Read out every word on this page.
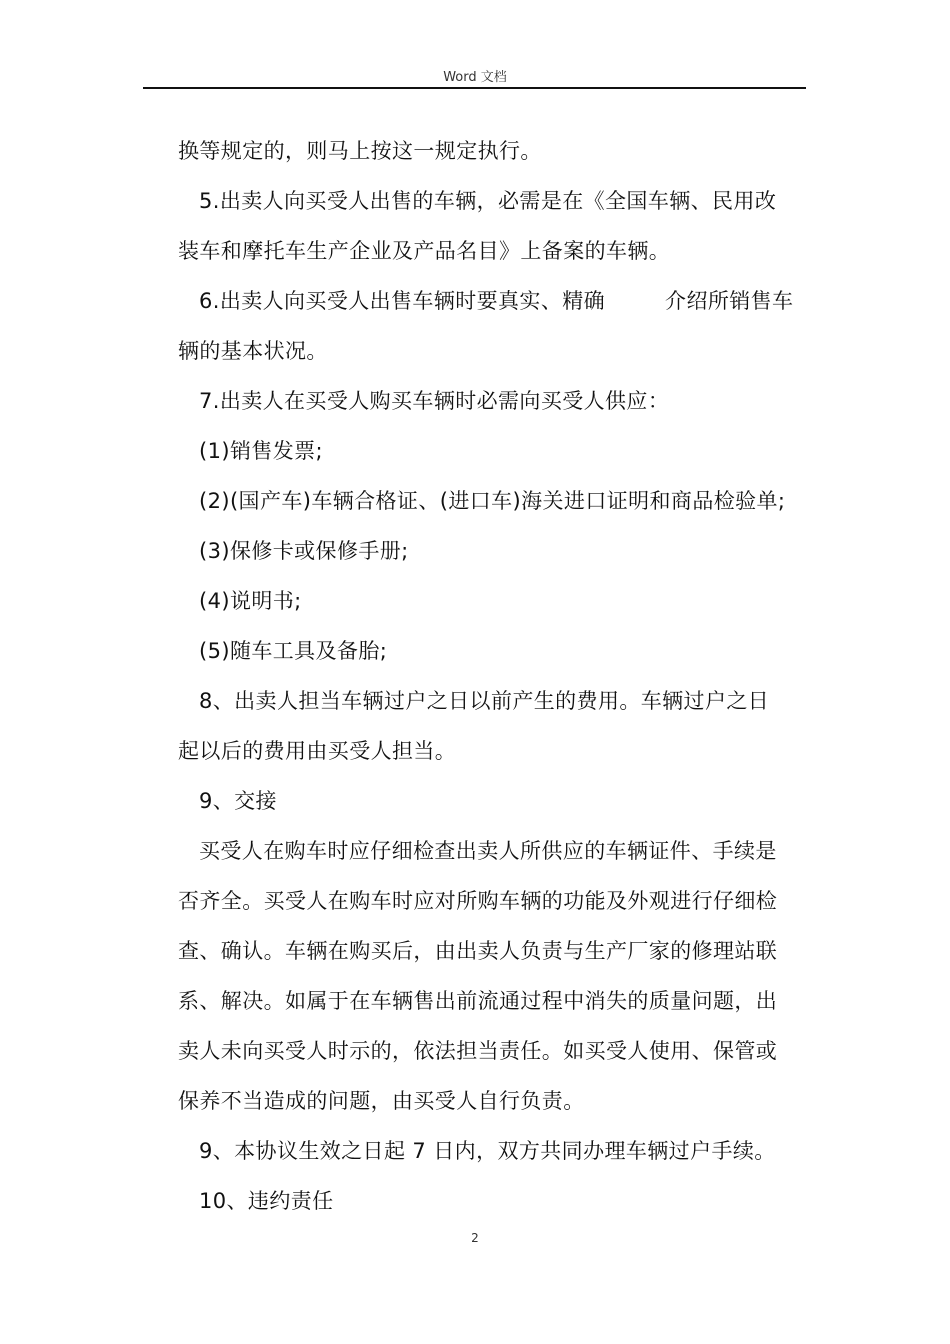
Word 文档
换等规定的，则马上按这一规定执行。
5.出卖人向买受人出售的车辆，必需是在《全国车辆、民用改
装车和摩托车生产企业及产品名目》上备案的车辆。
6.出卖人向买受人出售车辆时要真实、精确	介绍所销售车
辆的基本状况。
7.出卖人在买受人购买车辆时必需向买受人供应：
(1)销售发票;
(2)(国产车)车辆合格证、(进口车)海关进口证明和商品检验单;
(3)保修卡或保修手册;
(4)说明书;
(5)随车工具及备胎;
8、出卖人担当车辆过户之日以前产生的费用。车辆过户之日
起以后的费用由买受人担当。
9、交接
买受人在购车时应仔细检查出卖人所供应的车辆证件、手续是
否齐全。买受人在购车时应对所购车辆的功能及外观进行仔细检
查、确认。车辆在购买后，由出卖人负责与生产厂家的修理站联
系、解决。如属于在车辆售出前流通过程中消失的质量问题，出
卖人未向买受人时示的，依法担当责任。如买受人使用、保管或
保养不当造成的问题，由买受人自行负责。
9、本协议生效之日起 7 日内，双方共同办理车辆过户手续。
10、违约责任
2
